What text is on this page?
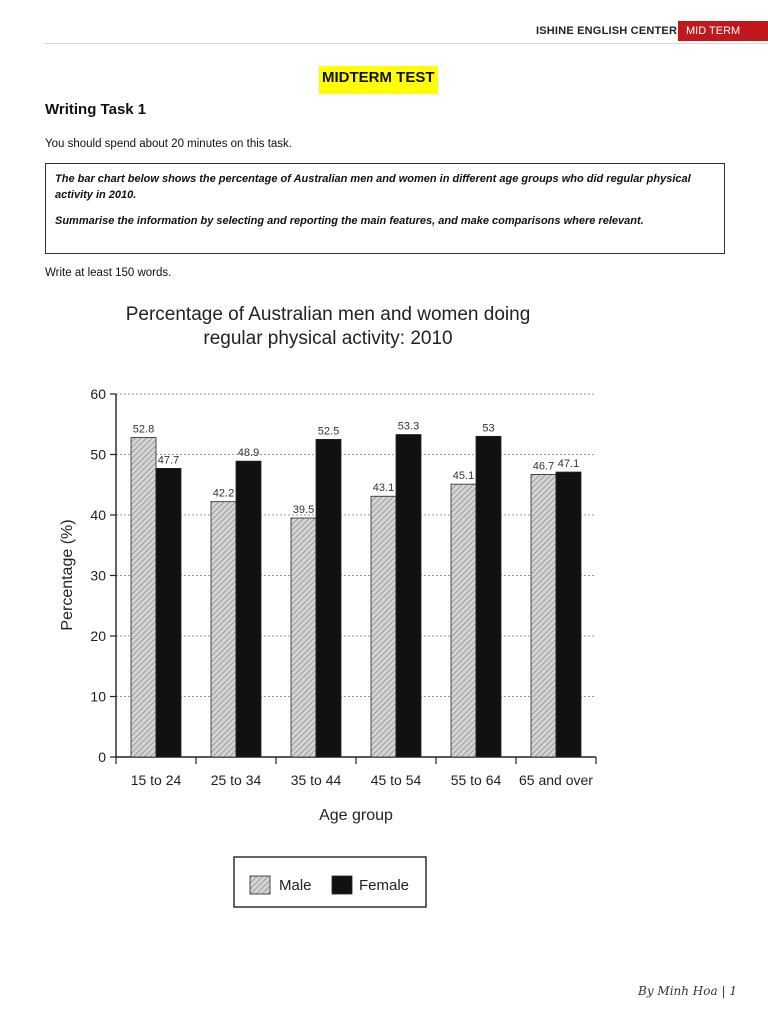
ISHINE ENGLISH CENTER MID TERM
MIDTERM TEST
Writing Task 1
You should spend about 20 minutes on this task.

The bar chart below shows the percentage of Australian men and women in different age groups who did regular physical activity in 2010.

Summarise the information by selecting and reporting the main features, and make comparisons where relevant.

Write at least 150 words.
Percentage of Australian men and women doing
regular physical activity: 2010
0
10
20
30
40
50
60
Percentage (%)
52.8
47.7
15 to 24
42.2
48.9
25 to 34
39.5
52.5
35 to 44
43.1
53.3
45 to 54
45.1
53
55 to 64
46.7 47.1
65 and over
Age group
Male	Female
By Minh Hoa | 1
